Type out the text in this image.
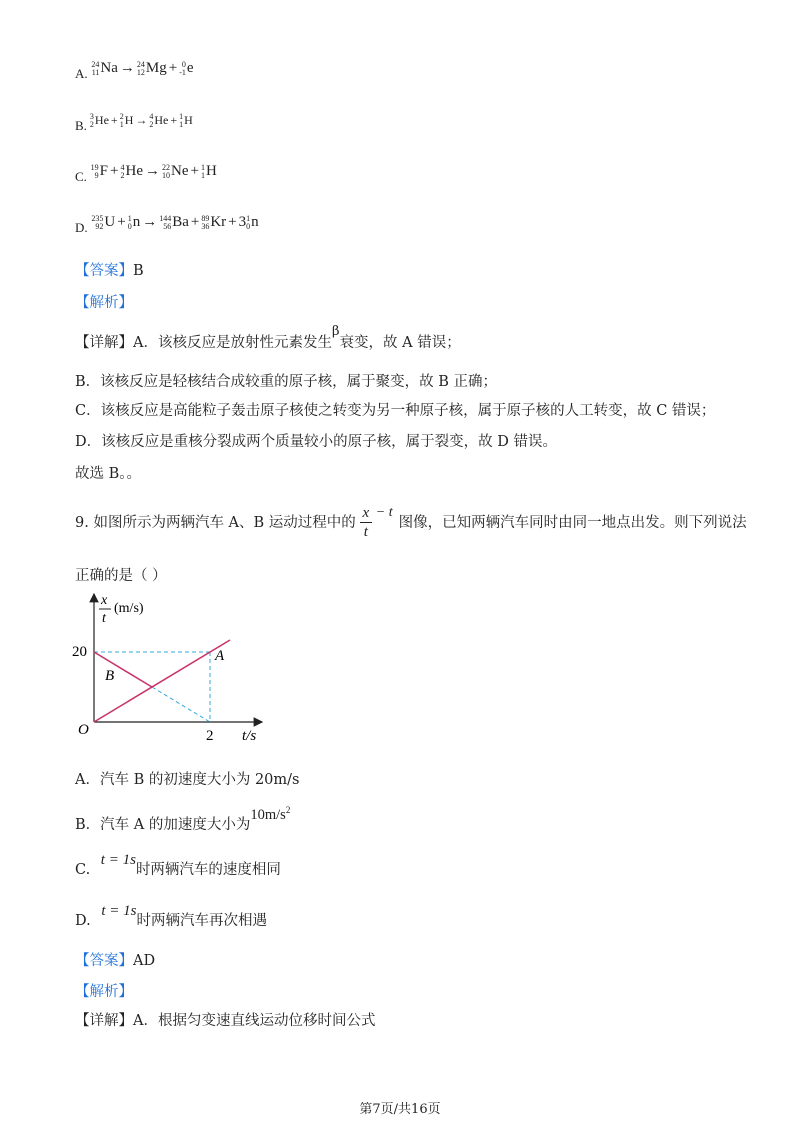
A.
24
11 Na → 24
12 Mg + 0
-1 e
B.
3
2 He + 2
1 H → 4
2 He + 1
1 H
C.
19
9 F + 4
2 He → 22
10 Ne + 1
1 H
D.
235
92 U + 1
0 n → 144
56 Ba + 89
36 Kr + 3 1
0 n
【答案】B
【解析】
【详解】A．该核反应是放射性元素发生β衰变，故 A 错误；
B．该核反应是轻核结合成较重的原子核，属于聚变，故 B 正确；
C．该核反应是高能粒子轰击原子核使之转变为另一种原子核，属于原子核的人工转变，故 C 错误；
D．该核反应是重核分裂成两个质量较小的原子核，属于裂变，故 D 错误。
故选 B。。
9.
如图所示为两辆汽车 A、B 运动过程中的 $\frac{x}{t} - t$
图像，已知两辆汽车同时由同一地点出发。则下列说法
正确的是（ ）
20
2
O	t/s
A
B
x
t
(m/s)
A．汽车 B 的初速度大小为 20m/s
B．汽车 A 的加速度大小为$10m/s^2$
C. t = 1s时两辆汽车的速度相同
D. t = 1s时两辆汽车再次相遇
【答案】AD
【解析】
【详解】A．根据匀变速直线运动位移时间公式
第7页/共16页
